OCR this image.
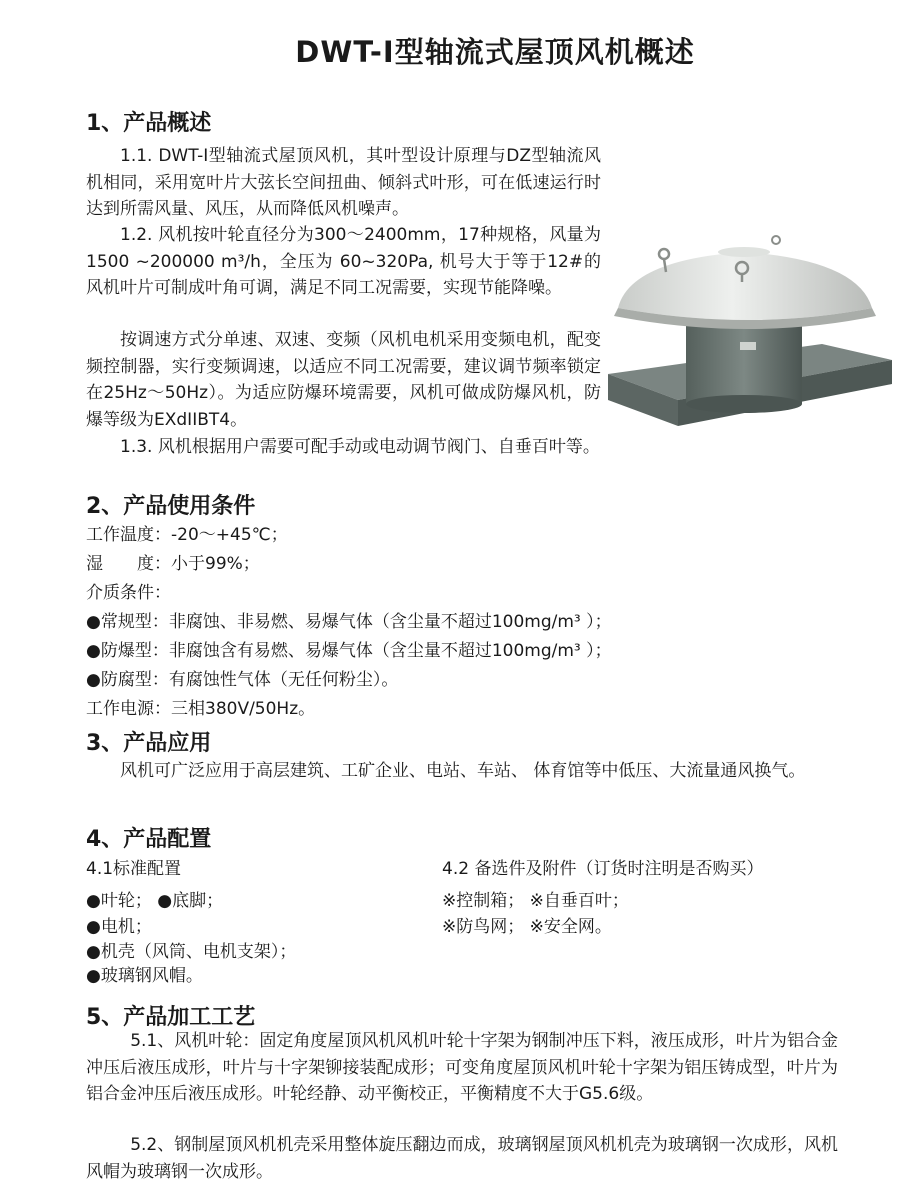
DWT-I型轴流式屋顶风机概述
1、产品概述

1.1. DWT-I型轴流式屋顶风机，其叶型设计原理与DZ型轴流风机相同，采用宽叶片大弦长空间扭曲、倾斜式叶形，可在低速运行时达到所需风量、风压，从而降低风机噪声。

1.2. 风机按叶轮直径分为300～2400mm，17种规格，风量为1500 ~200000 m³/h，全压为 60~320Pa, 机号大于等于12#的风机叶片可制成叶角可调，满足不同工况需要，实现节能降噪。

按调速方式分单速、双速、变频（风机电机采用变频电机，配变频控制器，实行变频调速，以适应不同工况需要，建议调节频率锁定在25Hz～50Hz）。为适应防爆环境需要，风机可做成防爆风机，防爆等级为EXdIIBT4。

1.3. 风机根据用户需要可配手动或电动调节阀门、自垂百叶等。

2、产品使用条件
工作温度：-20～+45℃；
湿　　度：小于99%；
介质条件：
●常规型：非腐蚀、非易燃、易爆气体（含尘量不超过100mg/m³ ）；
●防爆型：非腐蚀含有易燃、易爆气体（含尘量不超过100mg/m³ ）；
●防腐型：有腐蚀性气体（无任何粉尘）。
工作电源：三相380V/50Hz。
3、产品应用

风机可广泛应用于高层建筑、工矿企业、电站、车站、 体育馆等中低压、大流量通风换气。

4、产品配置
4.1标准配置
●叶轮； ●底脚；
●电机；
●机壳（风筒、电机支架）；
●玻璃钢风帽。
4.2 备选件及附件（订货时注明是否购买）
※控制箱； ※自垂百叶；
※防鸟网； ※安全网。
5、产品加工工艺

5.1、风机叶轮：固定角度屋顶风机风机叶轮十字架为钢制冲压下料，液压成形，叶片为铝合金冲压后液压成形，叶片与十字架铆接装配成形；可变角度屋顶风机叶轮十字架为铝压铸成型，叶片为铝合金冲压后液压成形。叶轮经静、动平衡校正，平衡精度不大于G5.6级。

5.2、钢制屋顶风机机壳采用整体旋压翻边而成，玻璃钢屋顶风机机壳为玻璃钢一次成形，风机风帽为玻璃钢一次成形。
